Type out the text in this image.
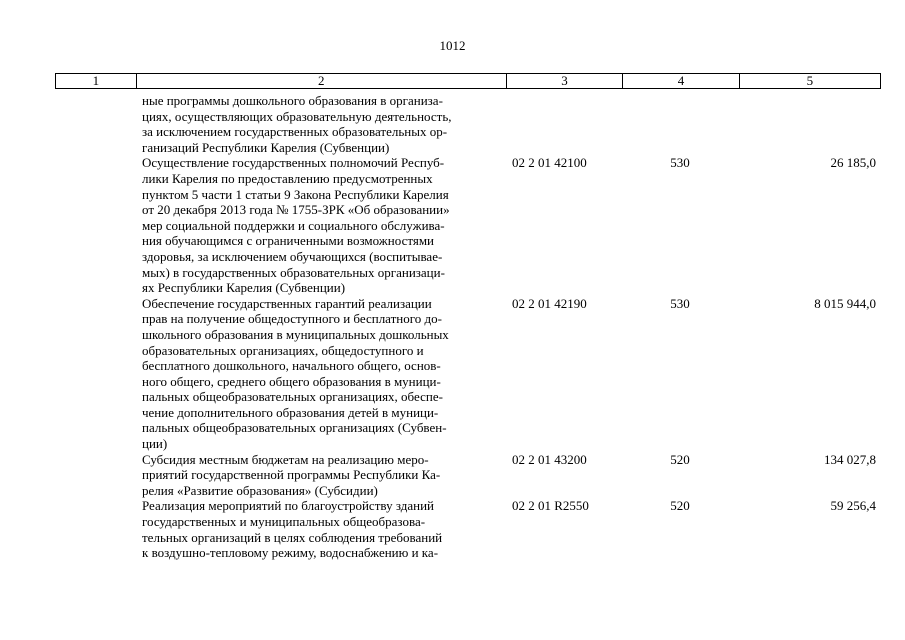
1012
1	2	3	4	5
ные программы дошкольного образования в организа-
циях, осуществляющих образовательную деятельность,
за исключением государственных образовательных ор-
ганизаций Республики Карелия (Субвенции)
Осуществление государственных полномочий Респуб-
лики Карелия по предоставлению предусмотренных
пунктом 5 части 1 статьи 9 Закона Республики Карелия
от 20 декабря 2013 года № 1755-ЗРК «Об образовании»
мер социальной поддержки и социального обслужива-
ния обучающимся с ограниченными возможностями
здоровья, за исключением обучающихся (воспитывае-
мых) в государственных образовательных организаци-
ях Республики Карелия (Субвенции)
02 2 01 42100	530	26 185,0
Обеспечение государственных гарантий реализации
прав на получение общедоступного и бесплатного до-
школьного образования в муниципальных дошкольных
образовательных организациях, общедоступного и
бесплатного дошкольного, начального общего, основ-
ного общего, среднего общего образования в муници-
пальных общеобразовательных организациях, обеспе-
чение дополнительного образования детей в муници-
пальных общеобразовательных организациях (Субвен-
ции)
02 2 01 42190	530	8 015 944,0
Субсидия местным бюджетам на реализацию меро-
приятий государственной программы Республики Ка-
релия «Развитие образования» (Субсидии)
02 2 01 43200	520	134 027,8
Реализация мероприятий по благоустройству зданий
государственных и муниципальных общеобразова-
тельных организаций в целях соблюдения требований
к воздушно-тепловому режиму, водоснабжению и ка-
02 2 01 R2550	520	59 256,4
